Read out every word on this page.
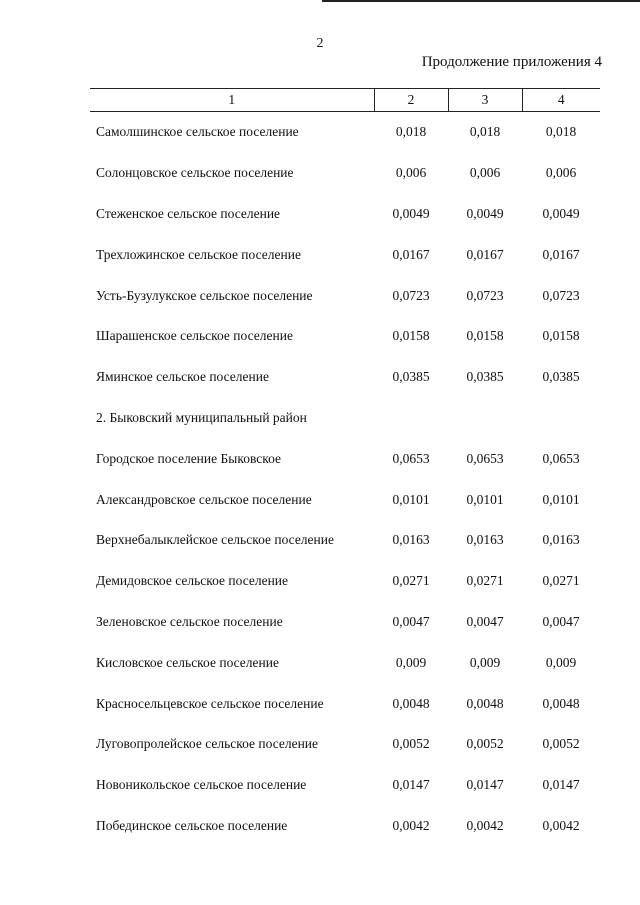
2
Продолжение приложения 4
1	2	3	4
Самолшинское сельское поселение	0,018	0,018	0,018
Солонцовское сельское поселение	0,006	0,006	0,006
Стеженское сельское поселение	0,0049	0,0049	0,0049
Трехложинское сельское поселение	0,0167	0,0167	0,0167
Усть-Бузулукское сельское поселение	0,0723	0,0723	0,0723
Шарашенское сельское поселение	0,0158	0,0158	0,0158
Яминское сельское поселение	0,0385	0,0385	0,0385
2. Быковский муниципальный район			
Городское поселение Быковское	0,0653	0,0653	0,0653
Александровское сельское поселение	0,0101	0,0101	0,0101
Верхнебалыклейское сельское поселение	0,0163	0,0163	0,0163
Демидовское сельское поселение	0,0271	0,0271	0,0271
Зеленовское сельское поселение	0,0047	0,0047	0,0047
Кисловское сельское поселение	0,009	0,009	0,009
Красносельцевское сельское поселение	0,0048	0,0048	0,0048
Луговопролейское сельское поселение	0,0052	0,0052	0,0052
Новоникольское сельское поселение	0,0147	0,0147	0,0147
Побединское сельское поселение	0,0042	0,0042	0,0042
